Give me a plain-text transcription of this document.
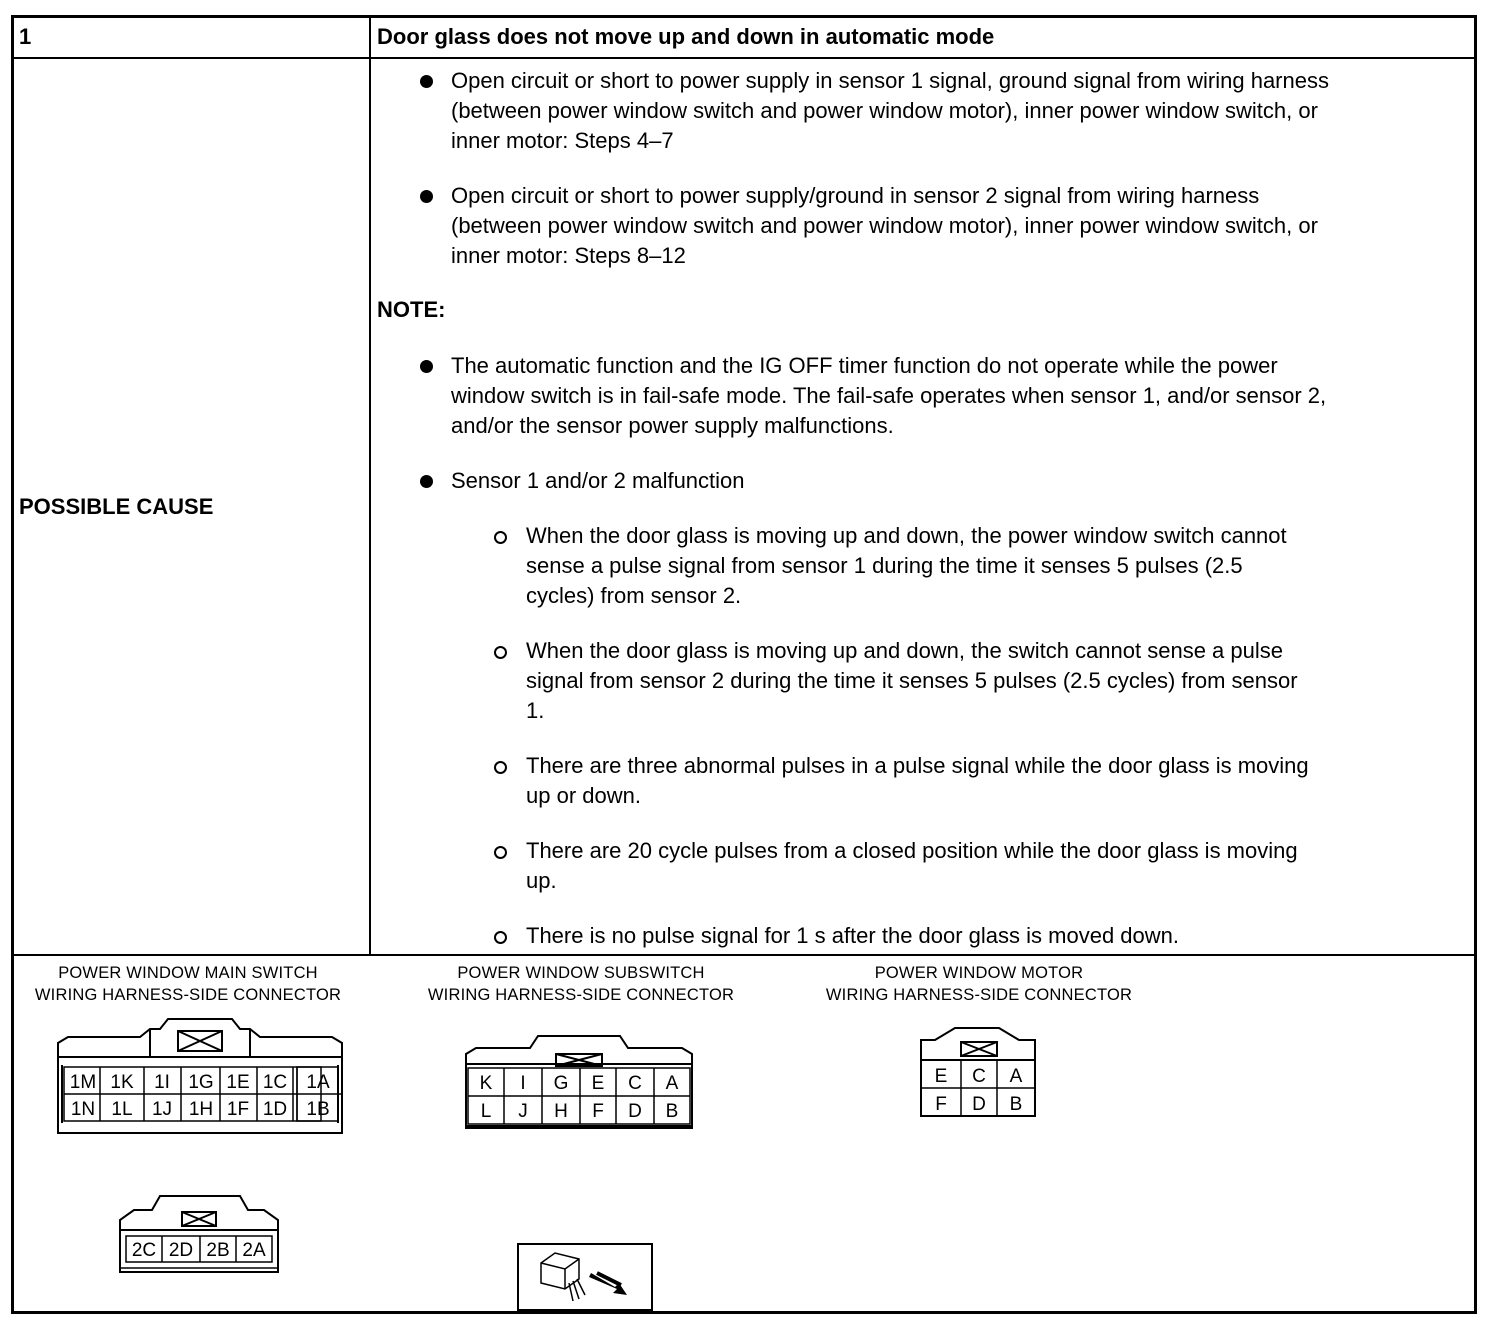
1	Door glass does not move up and down in automatic mode
POSSIBLE CAUSE
Open circuit or short to power supply in sensor 1 signal, ground signal from wiring harness
(between power window switch and power window motor), inner power window switch, or
inner motor: Steps 4–7
Open circuit or short to power supply/ground in sensor 2 signal from wiring harness
(between power window switch and power window motor), inner power window switch, or
inner motor: Steps 8–12
NOTE:
The automatic function and the IG OFF timer function do not operate while the power
window switch is in fail-safe mode. The fail-safe operates when sensor 1, and/or sensor 2,
and/or the sensor power supply malfunctions.
Sensor 1 and/or 2 malfunction
When the door glass is moving up and down, the power window switch cannot
sense a pulse signal from sensor 1 during the time it senses 5 pulses (2.5
cycles) from sensor 2.
When the door glass is moving up and down, the switch cannot sense a pulse
signal from sensor 2 during the time it senses 5 pulses (2.5 cycles) from sensor
1.
There are three abnormal pulses in a pulse signal while the door glass is moving
up or down.
There are 20 cycle pulses from a closed position while the door glass is moving
up.
There is no pulse signal for 1 s after the door glass is moved down.
POWER WINDOW MAIN SWITCH
WIRING HARNESS-SIDE CONNECTOR
POWER WINDOW SUBSWITCH
WIRING HARNESS-SIDE CONNECTOR
POWER WINDOW MOTOR
WIRING HARNESS-SIDE CONNECTOR
1M 1K 1I 1G 1E 1C 1A
1N 1L 1J 1H 1F 1D 1B
2C 2D 2B 2A
K I G E C A
L J H F D B
E C A
F D B
